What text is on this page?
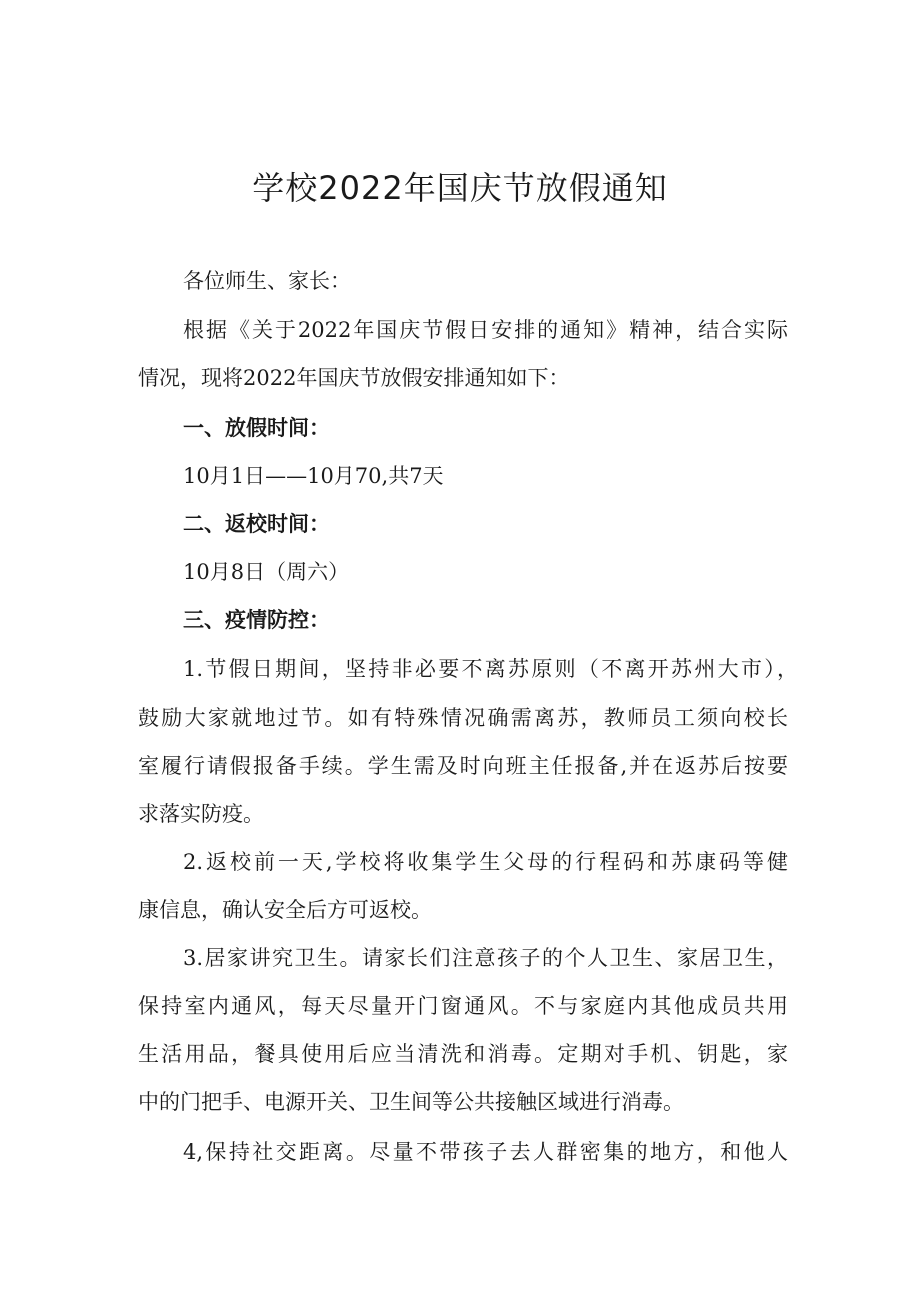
学校2022年国庆节放假通知

各位师生、家长：

根据《关于2022年国庆节假日安排的通知》精神，结合实际

情况，现将2022年国庆节放假安排通知如下：

一、放假时间：

10月1日——10月70,共7天

二、返校时间：

10月8日（周六）

三、疫情防控：

1.节假日期间，坚持非必要不离苏原则（不离开苏州大市），

鼓励大家就地过节。如有特殊情况确需离苏，教师员工须向校长

室履行请假报备手续。学生需及时向班主任报备,并在返苏后按要

求落实防疫。

2.返校前一天,学校将收集学生父母的行程码和苏康码等健

康信息，确认安全后方可返校。

3.居家讲究卫生。请家长们注意孩子的个人卫生、家居卫生，

保持室内通风，每天尽量开门窗通风。不与家庭内其他成员共用

生活用品，餐具使用后应当清洗和消毒。定期对手机、钥匙，家

中的门把手、电源开关、卫生间等公共接触区域进行消毒。

4,保持社交距离。尽量不带孩子去人群密集的地方，和他人
